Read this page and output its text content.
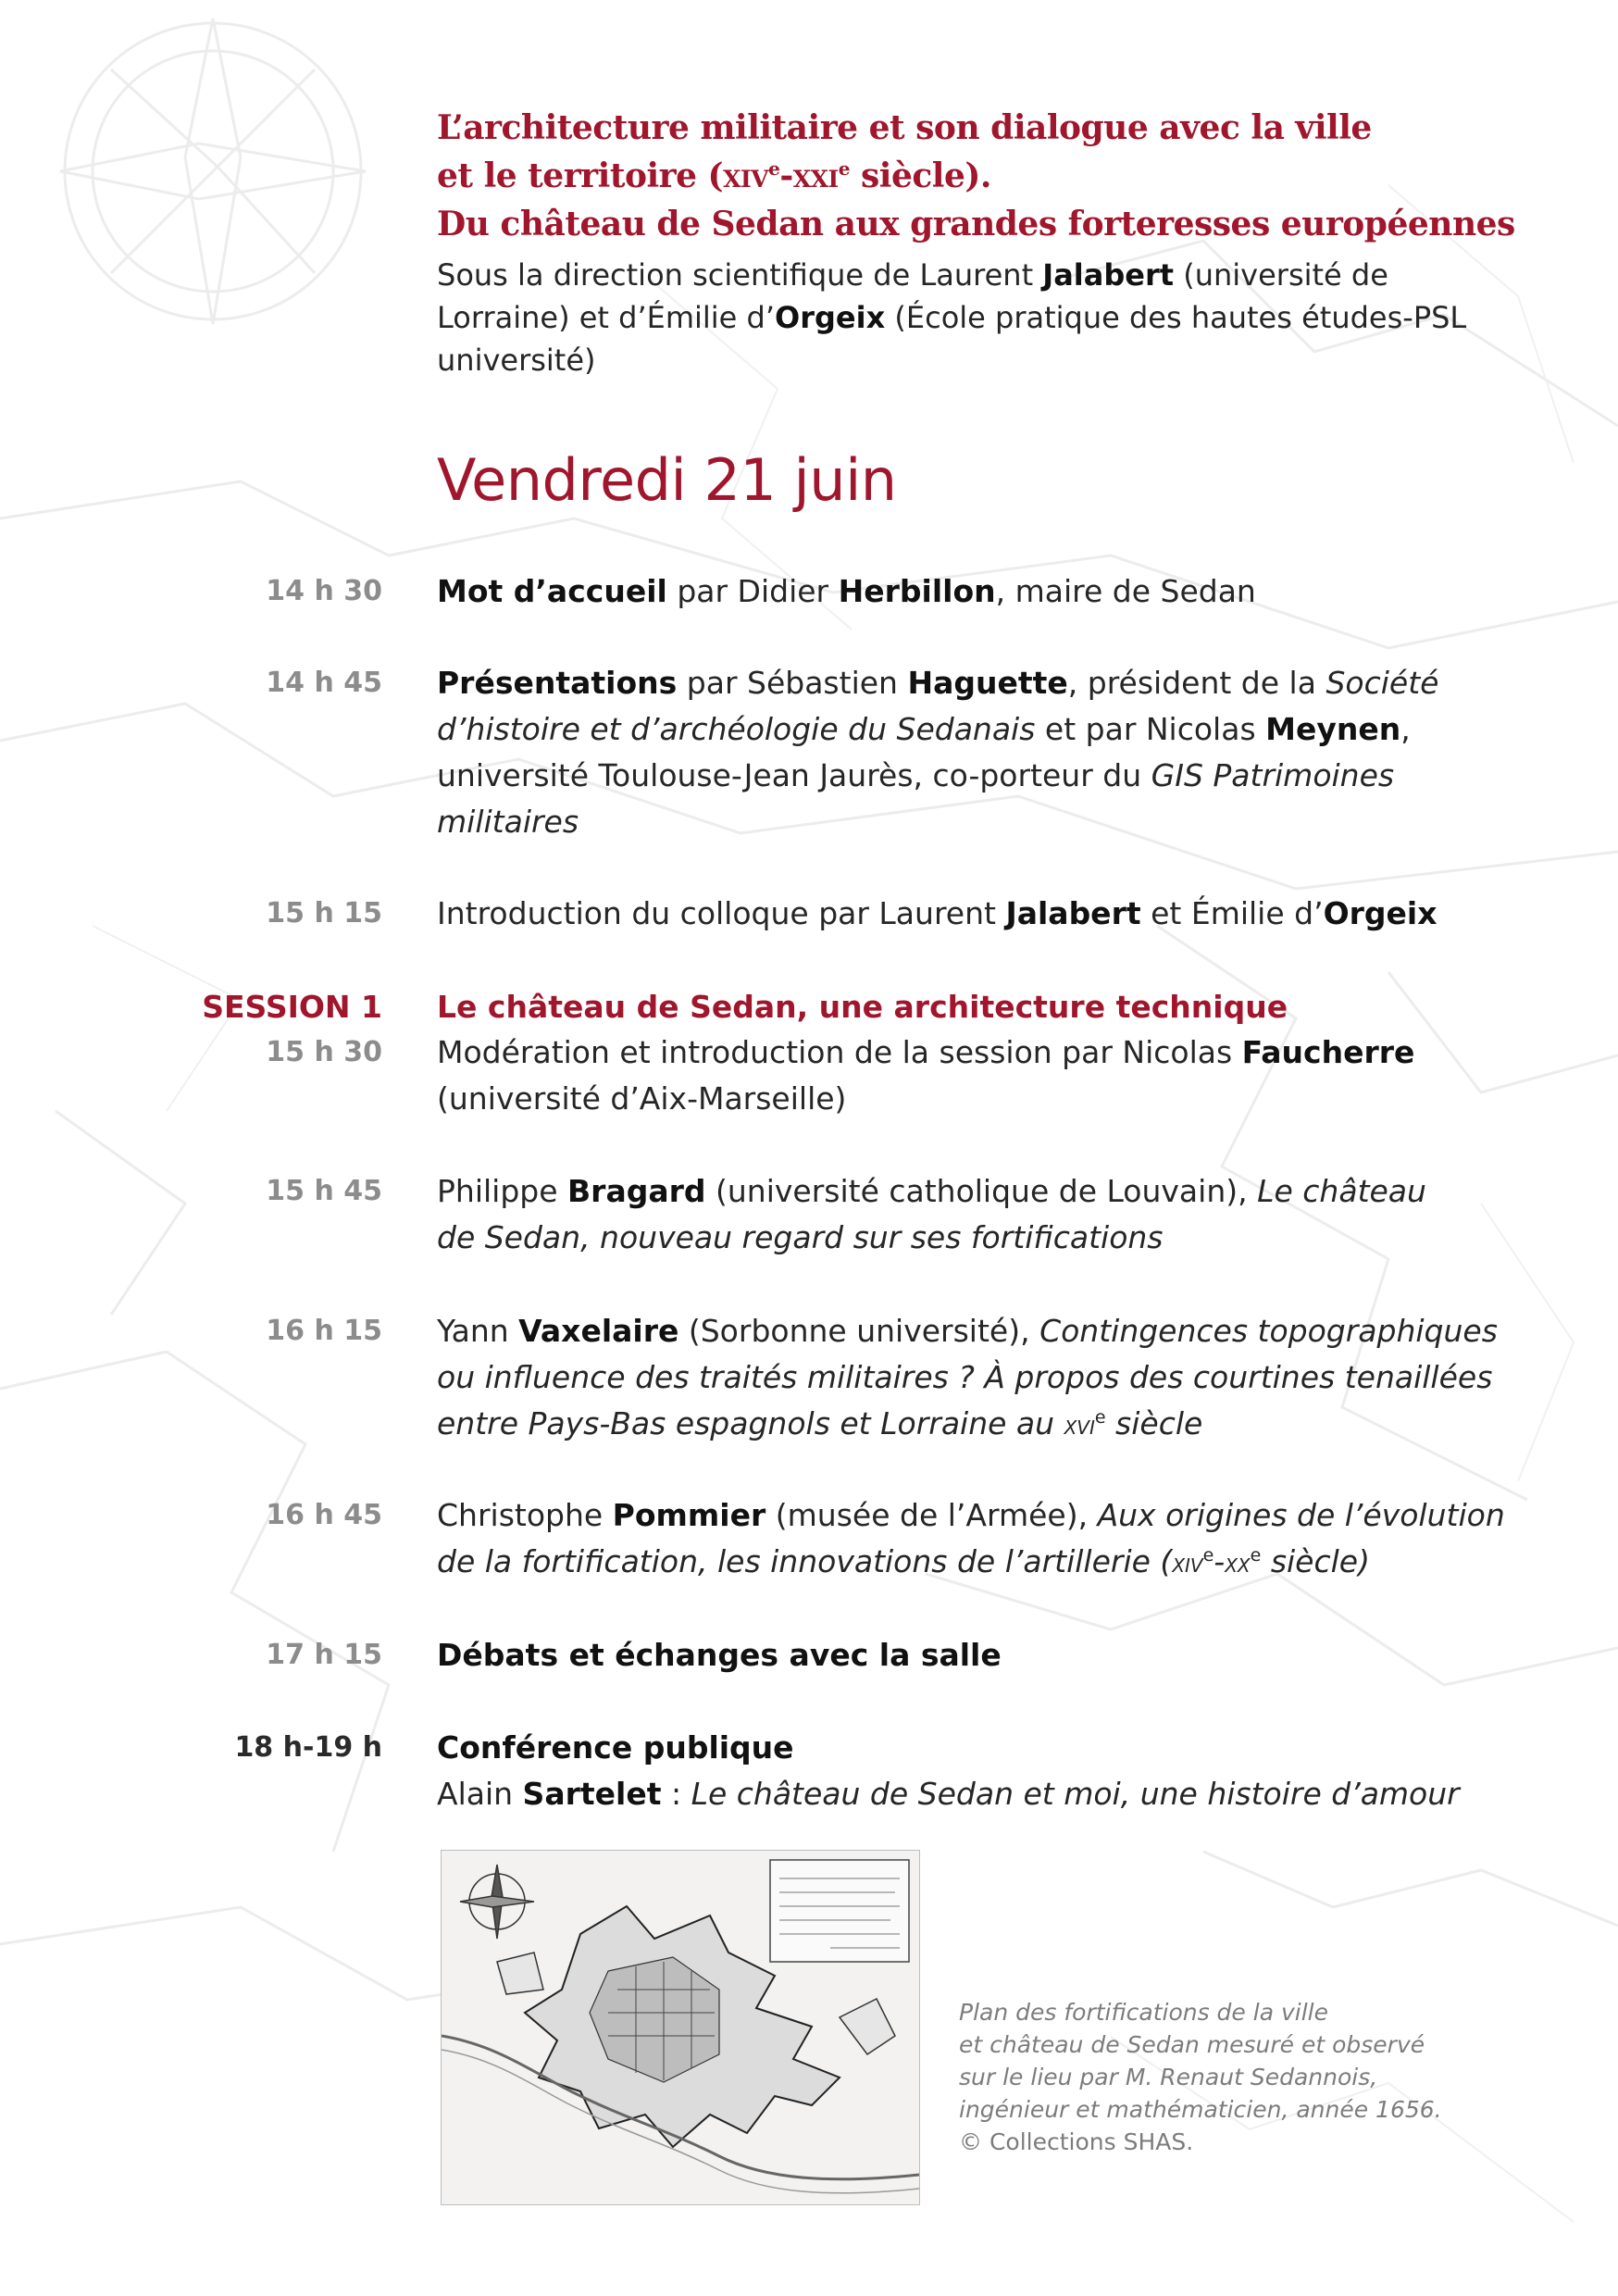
L’architecture militaire et son dialogue avec la ville
et le territoire (xiv$^e$-xxi$^e$ siècle).
Du château de Sedan aux grandes forteresses européennes

Sous la direction scientifique de Laurent Jalabert (université de Lorraine) et d’Émilie d’Orgeix (École pratique des hautes études-PSL université)
Vendredi 21 juin
14 h 30 Mot d’accueil par Didier Herbillon, maire de Sedan
14 h 45 Présentations par Sébastien Haguette, président de la Société d’histoire et d’archéologie du Sedanais et par Nicolas Meynen, université Toulouse-Jean Jaurès, co-porteur du GIS Patrimoines militaires
15 h 15 Introduction du colloque par Laurent Jalabert et Émilie d’Orgeix
SESSION 1 Le château de Sedan, une architecture technique
15 h 30 Modération et introduction de la session par Nicolas Faucherre (université d’Aix-Marseille)
15 h 45 Philippe Bragard (université catholique de Louvain), Le château de Sedan, nouveau regard sur ses fortifications
16 h 15 Yann Vaxelaire (Sorbonne université), Contingences topographiques ou influence des traités militaires ? À propos des courtines tenaillées entre Pays-Bas espagnols et Lorraine au xvi$^e$ siècle
16 h 45 Christophe Pommier (musée de l’Armée), Aux origines de l’évolution de la fortification, les innovations de l’artillerie ($xiv^e-xx^e$ siècle)
17 h 15 Débats et échanges avec la salle
18 h-19 h Conférence publique
Alain Sartelet : Le château de Sedan et moi, une histoire d’amour
Plan des fortifications de la ville
et château de Sedan mesuré et observé
sur le lieu par M. Renaut Sedannois,
ingénieur et mathématicien, année 1656.
© Collections SHAS.
